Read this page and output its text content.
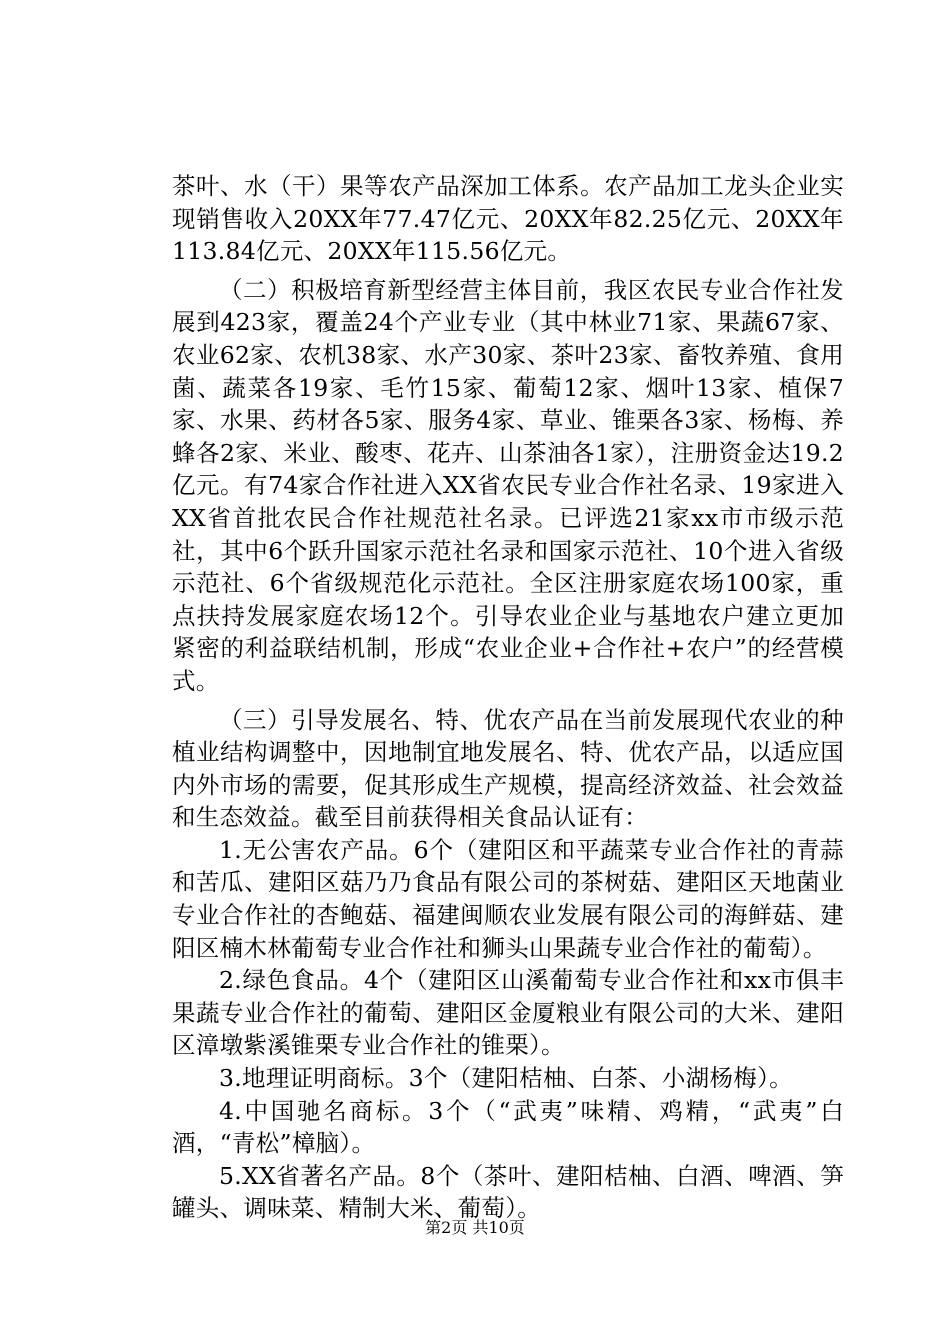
茶叶、水（干）果等农产品深加工体系。农产品加工龙头企业实现销售收入20XX年77.47亿元、20XX年82.25亿元、20XX年113.84亿元、20XX年115.56亿元。

（二）积极培育新型经营主体目前，我区农民专业合作社发展到423家，覆盖24个产业专业（其中林业71家、果蔬67家、农业62家、农机38家、水产30家、茶叶23家、畜牧养殖、食用菌、蔬菜各19家、毛竹15家、葡萄12家、烟叶13家、植保7家、水果、药材各5家、服务4家、草业、锥栗各3家、杨梅、养蜂各2家、米业、酸枣、花卉、山茶油各1家），注册资金达19.2亿元。有74家合作社进入XX省农民专业合作社名录、19家进入XX省首批农民合作社规范社名录。已评选21家xx市市级示范社，其中6个跃升国家示范社名录和国家示范社、10个进入省级示范社、6个省级规范化示范社。全区注册家庭农场100家，重点扶持发展家庭农场12个。引导农业企业与基地农户建立更加紧密的利益联结机制，形成“农业企业+合作社+农户”的经营模式。

（三）引导发展名、特、优农产品在当前发展现代农业的种植业结构调整中，因地制宜地发展名、特、优农产品，以适应国内外市场的需要，促其形成生产规模，提高经济效益、社会效益和生态效益。截至目前获得相关食品认证有：

1.无公害农产品。6个（建阳区和平蔬菜专业合作社的青蒜和苦瓜、建阳区菇乃乃食品有限公司的茶树菇、建阳区天地菌业专业合作社的杏鲍菇、福建闽顺农业发展有限公司的海鲜菇、建阳区楠木林葡萄专业合作社和狮头山果蔬专业合作社的葡萄）。

2.绿色食品。4个（建阳区山溪葡萄专业合作社和xx市俱丰果蔬专业合作社的葡萄、建阳区金厦粮业有限公司的大米、建阳区漳墩紫溪锥栗专业合作社的锥栗）。

3.地理证明商标。3个（建阳桔柚、白茶、小湖杨梅）。

4.中国驰名商标。3个（“武夷”味精、鸡精，“武夷”白酒，“青松”樟脑）。

5.XX省著名产品。8个（茶叶、建阳桔柚、白酒、啤酒、笋罐头、调味菜、精制大米、葡萄）。

第2页 共10页
